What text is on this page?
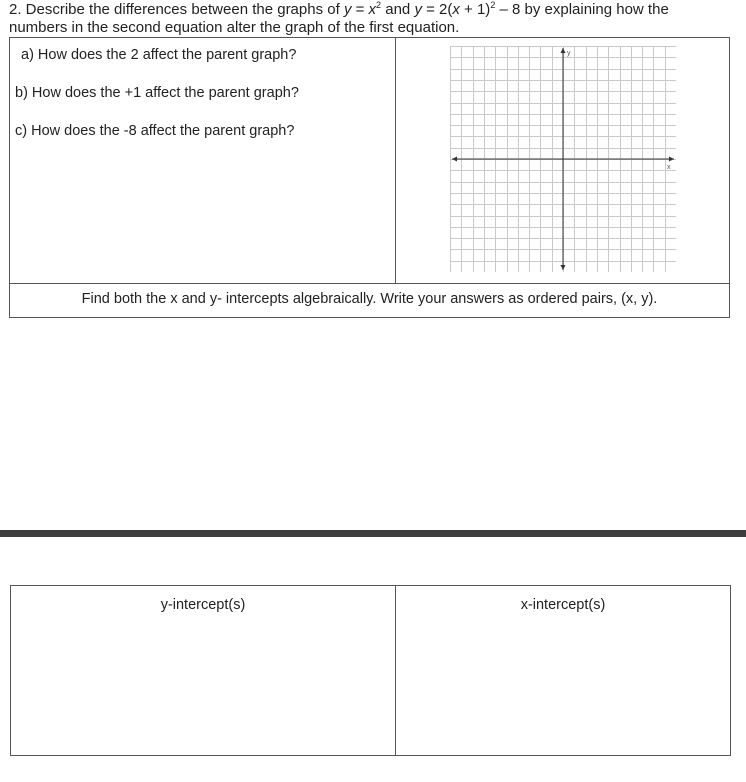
2. Describe the differences between the graphs of $y = x^2$ and $y = 2(x + 1)^2 - 8$ by explaining how the numbers in the second equation alter the graph of the first equation.
a) How does the 2 affect the parent graph?
b) How does the +1 affect the parent graph?
c) How does the -8 affect the parent graph?
y
x
Find both the x and y- intercepts algebraically. Write your answers as ordered pairs, (x, y).
y-intercept(s)	x-intercept(s)
